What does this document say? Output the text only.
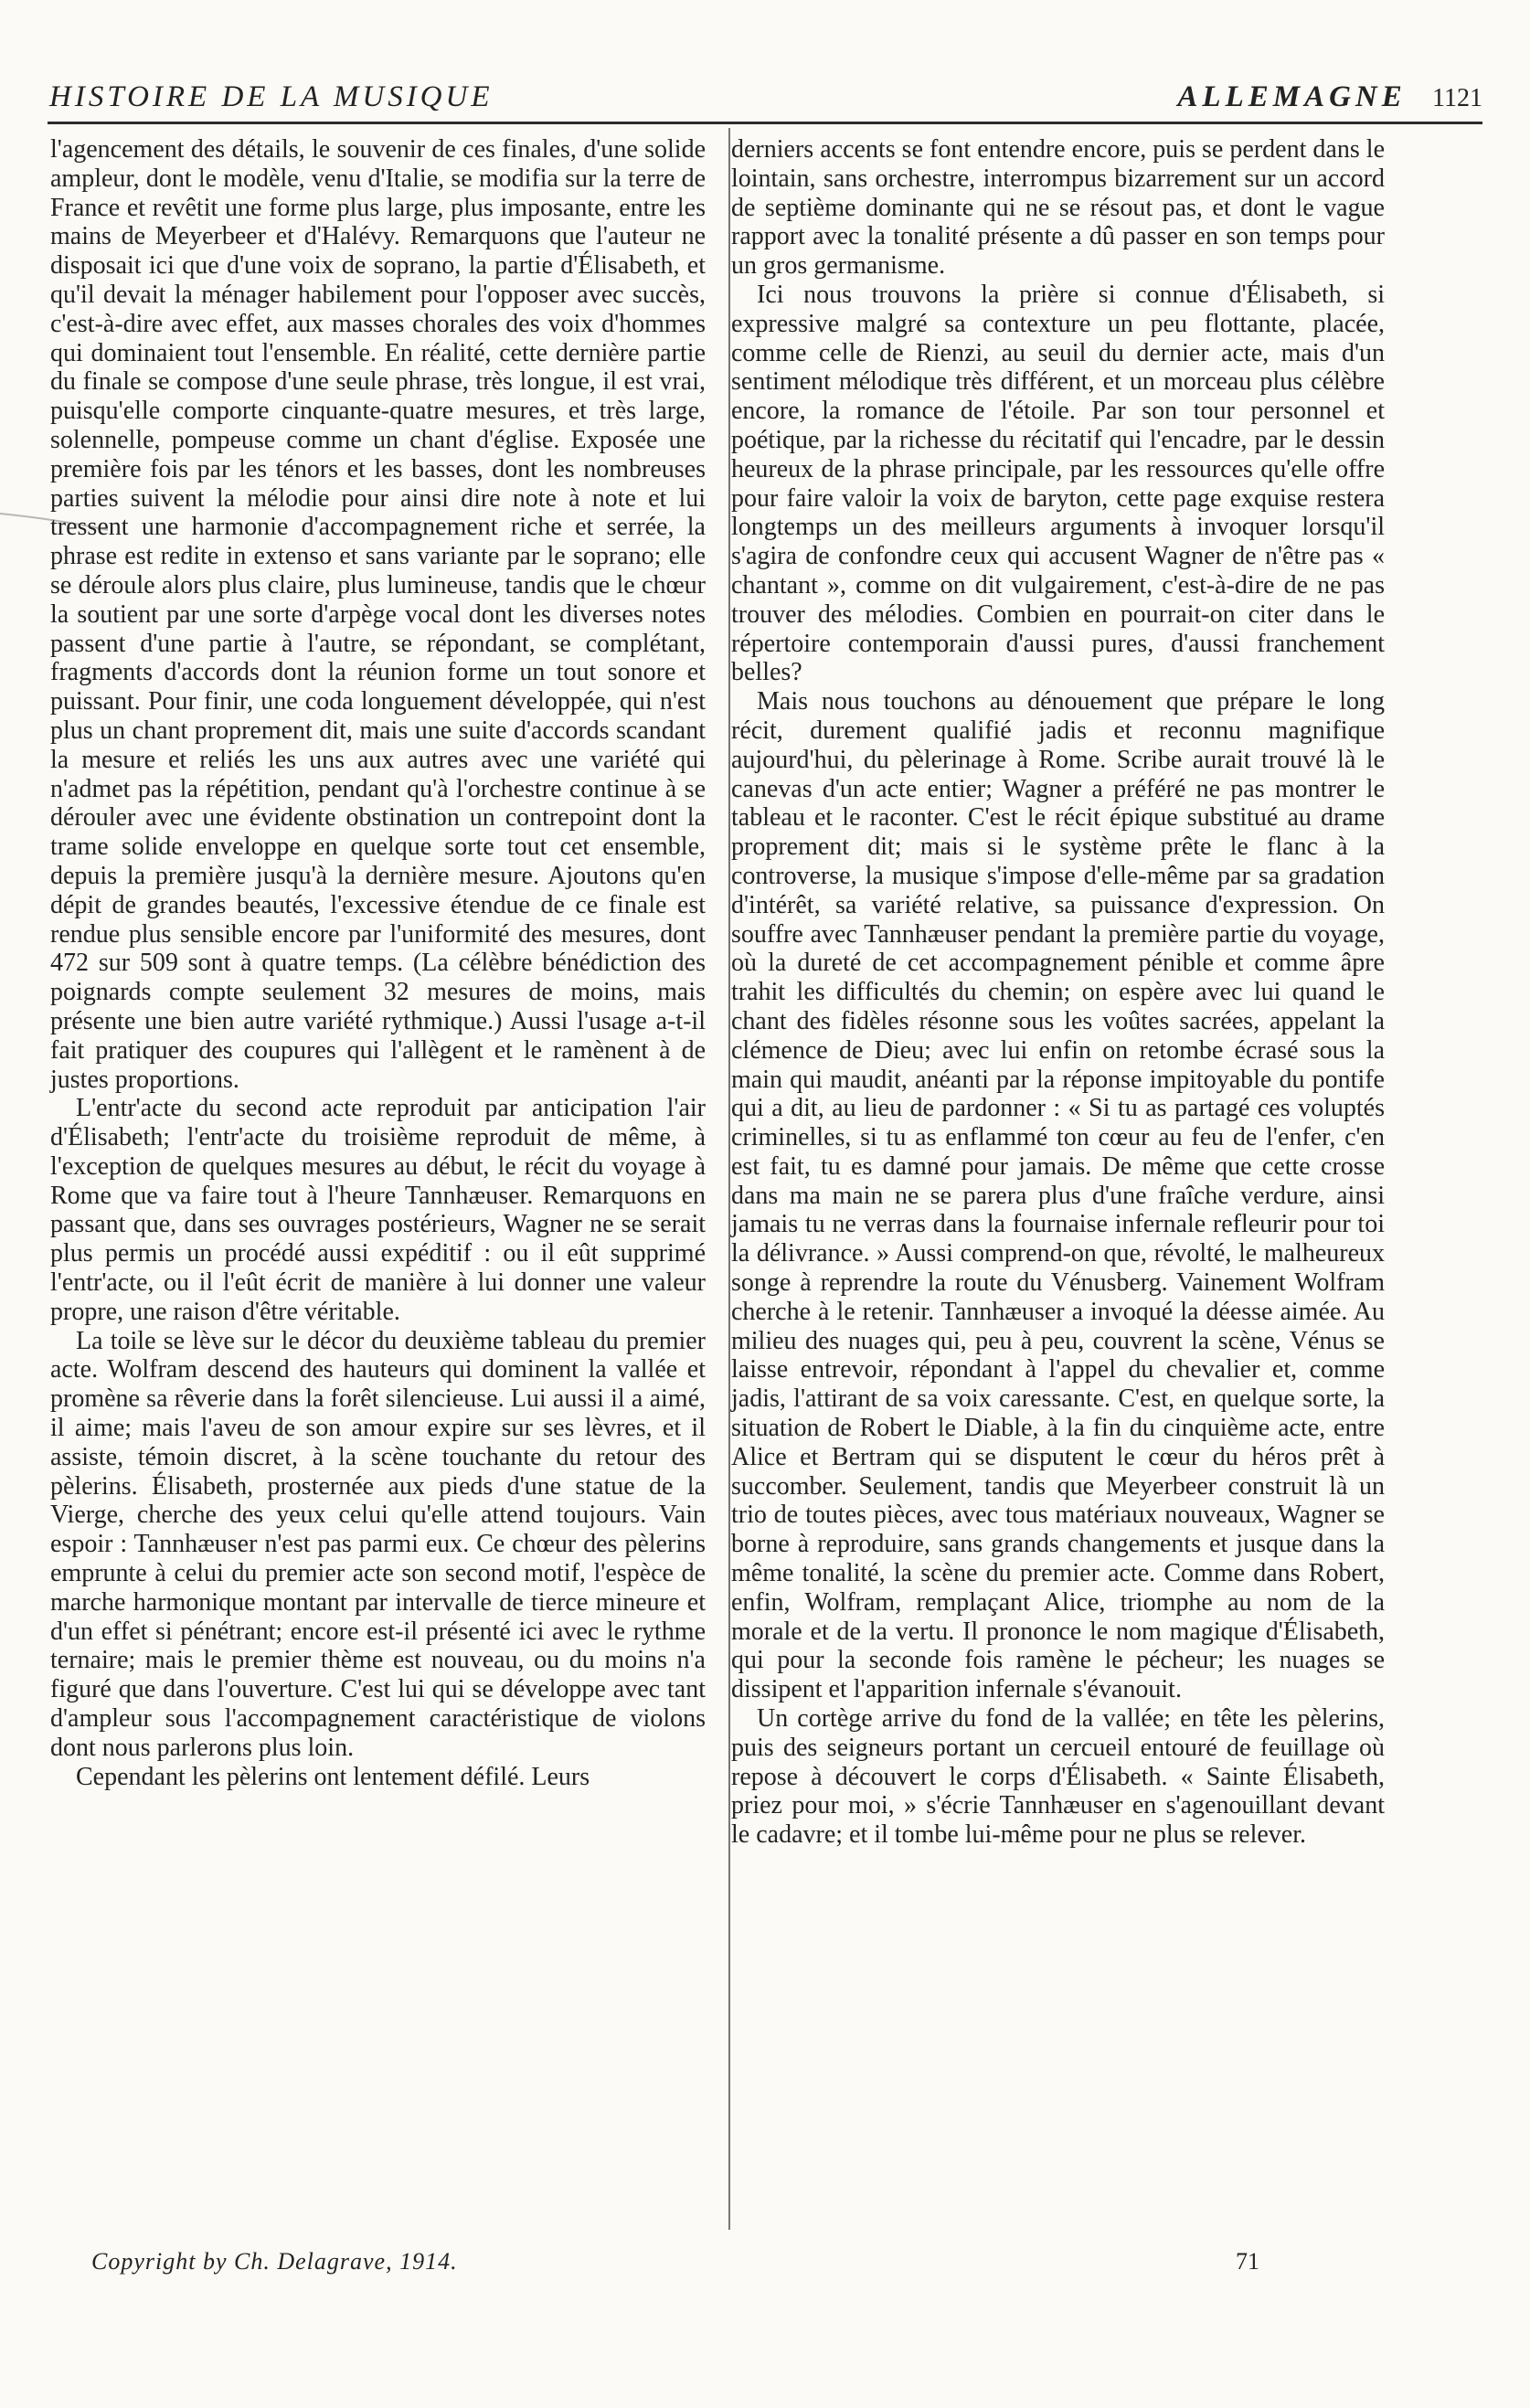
HISTOIRE DE LA MUSIQUE	ALLEMAGNE 1121

l'agencement des détails, le souvenir de ces finales, d'une solide ampleur, dont le modèle, venu d'Italie, se modifia sur la terre de France et revêtit une forme plus large, plus imposante, entre les mains de Meyerbeer et d'Halévy. Remarquons que l'auteur ne disposait ici que d'une voix de soprano, la partie d'Élisabeth, et qu'il devait la ménager habilement pour l'opposer avec succès, c'est-à-dire avec effet, aux masses chorales des voix d'hommes qui dominaient tout l'ensemble. En réalité, cette dernière partie du finale se compose d'une seule phrase, très longue, il est vrai, puisqu'elle comporte cinquante-quatre mesures, et très large, solennelle, pompeuse comme un chant d'église. Exposée une première fois par les ténors et les basses, dont les nombreuses parties suivent la mélodie pour ainsi dire note à note et lui tressent une harmonie d'accompagnement riche et serrée, la phrase est redite in extenso et sans variante par le soprano; elle se déroule alors plus claire, plus lumineuse, tandis que le chœur la soutient par une sorte d'arpège vocal dont les diverses notes passent d'une partie à l'autre, se répondant, se complétant, fragments d'accords dont la réunion forme un tout sonore et puissant. Pour finir, une coda longuement développée, qui n'est plus un chant proprement dit, mais une suite d'accords scandant la mesure et reliés les uns aux autres avec une variété qui n'admet pas la répétition, pendant qu'à l'orchestre continue à se dérouler avec une évidente obstination un contrepoint dont la trame solide enveloppe en quelque sorte tout cet ensemble, depuis la première jusqu'à la dernière mesure. Ajoutons qu'en dépit de grandes beautés, l'excessive étendue de ce finale est rendue plus sensible encore par l'uniformité des mesures, dont 472 sur 509 sont à quatre temps. (La célèbre bénédiction des poignards compte seulement 32 mesures de moins, mais présente une bien autre variété rythmique.) Aussi l'usage a-t-il fait pratiquer des coupures qui l'allègent et le ramènent à de justes proportions.

L'entr'acte du second acte reproduit par anticipation l'air d'Élisabeth; l'entr'acte du troisième reproduit de même, à l'exception de quelques mesures au début, le récit du voyage à Rome que va faire tout à l'heure Tannhæuser. Remarquons en passant que, dans ses ouvrages postérieurs, Wagner ne se serait plus permis un procédé aussi expéditif : ou il eût supprimé l'entr'acte, ou il l'eût écrit de manière à lui donner une valeur propre, une raison d'être véritable.

La toile se lève sur le décor du deuxième tableau du premier acte. Wolfram descend des hauteurs qui dominent la vallée et promène sa rêverie dans la forêt silencieuse. Lui aussi il a aimé, il aime; mais l'aveu de son amour expire sur ses lèvres, et il assiste, témoin discret, à la scène touchante du retour des pèlerins. Élisabeth, prosternée aux pieds d'une statue de la Vierge, cherche des yeux celui qu'elle attend toujours. Vain espoir : Tannhæuser n'est pas parmi eux. Ce chœur des pèlerins emprunte à celui du premier acte son second motif, l'espèce de marche harmonique montant par intervalle de tierce mineure et d'un effet si pénétrant; encore est-il présenté ici avec le rythme ternaire; mais le premier thème est nouveau, ou du moins n'a figuré que dans l'ouverture. C'est lui qui se développe avec tant d'ampleur sous l'accompagnement caractéristique de violons dont nous parlerons plus loin.

Cependant les pèlerins ont lentement défilé. Leurs

derniers accents se font entendre encore, puis se perdent dans le lointain, sans orchestre, interrompus bizarrement sur un accord de septième dominante qui ne se résout pas, et dont le vague rapport avec la tonalité présente a dû passer en son temps pour un gros germanisme.

Ici nous trouvons la prière si connue d'Élisabeth, si expressive malgré sa contexture un peu flottante, placée, comme celle de Rienzi, au seuil du dernier acte, mais d'un sentiment mélodique très différent, et un morceau plus célèbre encore, la romance de l'étoile. Par son tour personnel et poétique, par la richesse du récitatif qui l'encadre, par le dessin heureux de la phrase principale, par les ressources qu'elle offre pour faire valoir la voix de baryton, cette page exquise restera longtemps un des meilleurs arguments à invoquer lorsqu'il s'agira de confondre ceux qui accusent Wagner de n'être pas « chantant », comme on dit vulgairement, c'est-à-dire de ne pas trouver des mélodies. Combien en pourrait-on citer dans le répertoire contemporain d'aussi pures, d'aussi franchement belles?

Mais nous touchons au dénouement que prépare le long récit, durement qualifié jadis et reconnu magnifique aujourd'hui, du pèlerinage à Rome. Scribe aurait trouvé là le canevas d'un acte entier; Wagner a préféré ne pas montrer le tableau et le raconter. C'est le récit épique substitué au drame proprement dit; mais si le système prête le flanc à la controverse, la musique s'impose d'elle-même par sa gradation d'intérêt, sa variété relative, sa puissance d'expression. On souffre avec Tannhæuser pendant la première partie du voyage, où la dureté de cet accompagnement pénible et comme âpre trahit les difficultés du chemin; on espère avec lui quand le chant des fidèles résonne sous les voûtes sacrées, appelant la clémence de Dieu; avec lui enfin on retombe écrasé sous la main qui maudit, anéanti par la réponse impitoyable du pontife qui a dit, au lieu de pardonner : « Si tu as partagé ces voluptés criminelles, si tu as enflammé ton cœur au feu de l'enfer, c'en est fait, tu es damné pour jamais. De même que cette crosse dans ma main ne se parera plus d'une fraîche verdure, ainsi jamais tu ne verras dans la fournaise infernale refleurir pour toi la délivrance. » Aussi comprend-on que, révolté, le malheureux songe à reprendre la route du Vénusberg. Vainement Wolfram cherche à le retenir. Tannhæuser a invoqué la déesse aimée. Au milieu des nuages qui, peu à peu, couvrent la scène, Vénus se laisse entrevoir, répondant à l'appel du chevalier et, comme jadis, l'attirant de sa voix caressante. C'est, en quelque sorte, la situation de Robert le Diable, à la fin du cinquième acte, entre Alice et Bertram qui se disputent le cœur du héros prêt à succomber. Seulement, tandis que Meyerbeer construit là un trio de toutes pièces, avec tous matériaux nouveaux, Wagner se borne à reproduire, sans grands changements et jusque dans la même tonalité, la scène du premier acte. Comme dans Robert, enfin, Wolfram, remplaçant Alice, triomphe au nom de la morale et de la vertu. Il prononce le nom magique d'Élisabeth, qui pour la seconde fois ramène le pécheur; les nuages se dissipent et l'apparition infernale s'évanouit.

Un cortège arrive du fond de la vallée; en tête les pèlerins, puis des seigneurs portant un cercueil entouré de feuillage où repose à découvert le corps d'Élisabeth. « Sainte Élisabeth, priez pour moi, » s'écrie Tannhæuser en s'agenouillant devant le cadavre; et il tombe lui-même pour ne plus se relever.

Copyright by Ch. Delagrave, 1914.	71
